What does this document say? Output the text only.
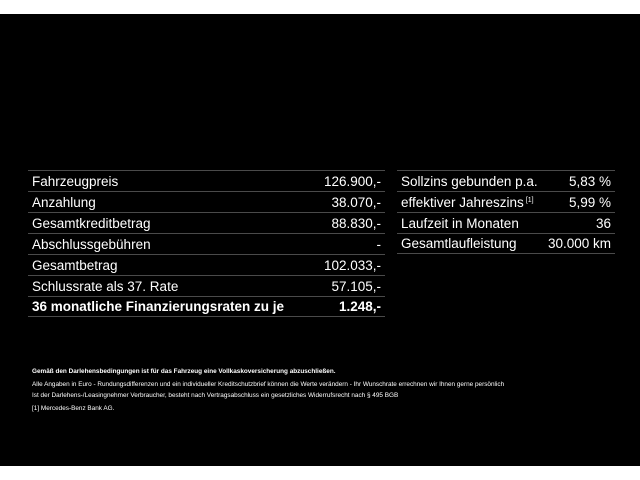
Fahrzeugpreis	126.900,-
Anzahlung	38.070,-
Gesamtkreditbetrag	88.830,-
Abschlussgebühren	-
Gesamtbetrag	102.033,-
Schlussrate als 37. Rate	57.105,-
36 monatliche Finanzierungsraten zu je	1.248,-
Sollzins gebunden p.a. 5,83 %
effektiver Jahreszins [1]	5,99 %
Laufzeit in Monaten	36
Gesamtlaufleistung 30.000 km
Gemäß den Darlehensbedingungen ist für das Fahrzeug eine Vollkaskoversicherung abzuschließen.
Alle Angaben in Euro - Rundungsdifferenzen und ein individueller Kreditschutzbrief können die Werte verändern - Ihr Wunschrate errechnen wir Ihnen gerne persönlich
Ist der Darlehens-/Leasingnehmer Verbraucher, besteht nach Vertragsabschluss ein gesetzliches Widerrufsrecht nach § 495 BGB
[1] Mercedes-Benz Bank AG.
